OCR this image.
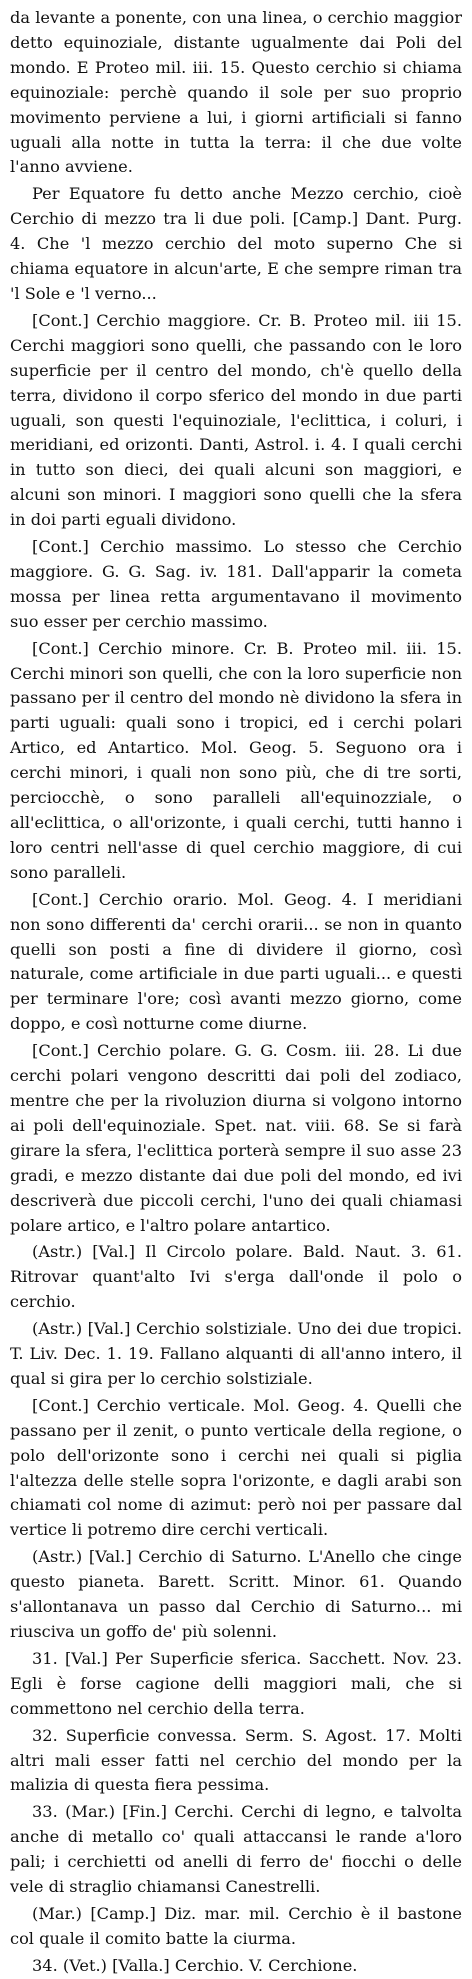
da levante a ponente, con una linea, o cerchio maggior detto equinoziale, distante ugualmente dai Poli del mondo. E Proteo mil. iii. 15. Questo cerchio si chiama equinoziale: perchè quando il sole per suo proprio movimento perviene a lui, i giorni artificiali si fanno uguali alla notte in tutta la terra: il che due volte l'anno avviene.

Per Equatore fu detto anche Mezzo cerchio, cioè Cerchio di mezzo tra li due poli. [Camp.] Dant. Purg. 4. Che 'l mezzo cerchio del moto superno Che si chiama equatore in alcun'arte, E che sempre riman tra 'l Sole e 'l verno...

[Cont.] Cerchio maggiore. Cr. B. Proteo mil. iii 15. Cerchi maggiori sono quelli, che passando con le loro superficie per il centro del mondo, ch'è quello della terra, dividono il corpo sferico del mondo in due parti uguali, son questi l'equinoziale, l'eclittica, i coluri, i meridiani, ed orizonti. Danti, Astrol. i. 4. I quali cerchi in tutto son dieci, dei quali alcuni son maggiori, e alcuni son minori. I maggiori sono quelli che la sfera in doi parti eguali dividono.

[Cont.] Cerchio massimo. Lo stesso che Cerchio maggiore. G. G. Sag. iv. 181. Dall'apparir la cometa mossa per linea retta argumentavano il movimento suo esser per cerchio massimo.

[Cont.] Cerchio minore. Cr. B. Proteo mil. iii. 15. Cerchi minori son quelli, che con la loro superficie non passano per il centro del mondo nè dividono la sfera in parti uguali: quali sono i tropici, ed i cerchi polari Artico, ed Antartico. Mol. Geog. 5. Seguono ora i cerchi minori, i quali non sono più, che di tre sorti, perciocchè, o sono paralleli all'equinozziale, o all'eclittica, o all'orizonte, i quali cerchi, tutti hanno i loro centri nell'asse di quel cerchio maggiore, di cui sono paralleli.

[Cont.] Cerchio orario. Mol. Geog. 4. I meridiani non sono differenti da' cerchi orarii... se non in quanto quelli son posti a fine di dividere il giorno, così naturale, come artificiale in due parti uguali... e questi per terminare l'ore; così avanti mezzo giorno, come doppo, e così notturne come diurne.

[Cont.] Cerchio polare. G. G. Cosm. iii. 28. Li due cerchi polari vengono descritti dai poli del zodiaco, mentre che per la rivoluzion diurna si volgono intorno ai poli dell'equinoziale. Spet. nat. viii. 68. Se si farà girare la sfera, l'eclittica porterà sempre il suo asse 23 gradi, e mezzo distante dai due poli del mondo, ed ivi descriverà due piccoli cerchi, l'uno dei quali chiamasi polare artico, e l'altro polare antartico.

(Astr.) [Val.] Il Circolo polare. Bald. Naut. 3. 61. Ritrovar quant'alto Ivi s'erga dall'onde il polo o cerchio.

(Astr.) [Val.] Cerchio solstiziale. Uno dei due tropici. T. Liv. Dec. 1. 19. Fallano alquanti di all'anno intero, il qual si gira per lo cerchio solstiziale.

[Cont.] Cerchio verticale. Mol. Geog. 4. Quelli che passano per il zenit, o punto verticale della regione, o polo dell'orizonte sono i cerchi nei quali si piglia l'altezza delle stelle sopra l'orizonte, e dagli arabi son chiamati col nome di azimut: però noi per passare dal vertice li potremo dire cerchi verticali.

(Astr.) [Val.] Cerchio di Saturno. L'Anello che cinge questo pianeta. Barett. Scritt. Minor. 61. Quando s'allontanava un passo dal Cerchio di Saturno... mi riusciva un goffo de' più solenni.

31. [Val.] Per Superficie sferica. Sacchett. Nov. 23. Egli è forse cagione delli maggiori mali, che si commettono nel cerchio della terra.

32. Superficie convessa. Serm. S. Agost. 17. Molti altri mali esser fatti nel cerchio del mondo per la malizia di questa fiera pessima.

33. (Mar.) [Fin.] Cerchi. Cerchi di legno, e talvolta anche di metallo co' quali attaccansi le rande a'loro pali; i cerchietti od anelli di ferro de' fiocchi o delle vele di straglio chiamansi Canestrelli.

(Mar.) [Camp.] Diz. mar. mil. Cerchio è il bastone col quale il comito batte la ciurma.

34. (Vet.) [Valla.] Cerchio. V. Cerchione.
